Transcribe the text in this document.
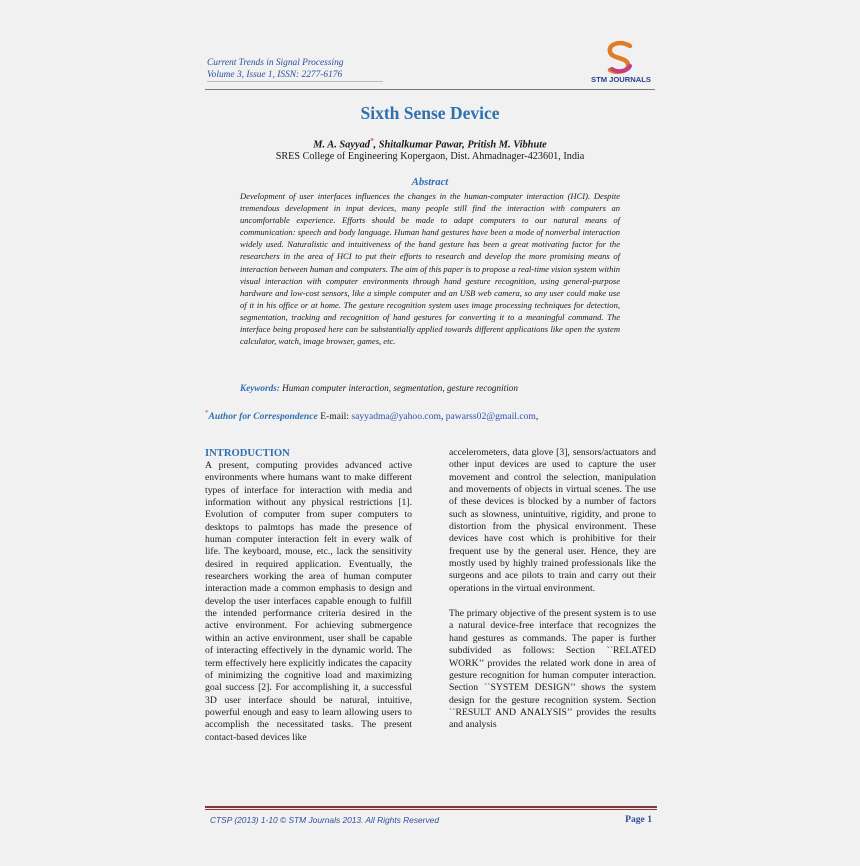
Current Trends in Signal Processing
Volume 3, Issue 1, ISSN: 2277-6176	STM JOURNALS
Sixth Sense Device
M. A. Sayyad*, Shitalkumar Pawar, Pritish M. Vibhute
SRES College of Engineering Kopergaon, Dist. Ahmadnager-423601, India
Abstract
Development of user interfaces influences the changes in the human-computer interaction (HCI). Despite tremendous development in input devices, many people still find the interaction with computers an uncomfortable experience. Efforts should be made to adapt computers to our natural means of communication: speech and body language. Human hand gestures have been a mode of nonverbal interaction widely used. Naturalistic and intuitiveness of the hand gesture has been a great motivating factor for the researchers in the area of HCI to put their efforts to research and develop the more promising means of interaction between human and computers. The aim of this paper is to propose a real-time vision system within visual interaction with computer environments through hand gesture recognition, using general-purpose hardware and low-cost sensors, like a simple computer and an USB web camera, so any user could make use of it in his office or at home. The gesture recognition system uses image processing techniques for detection, segmentation, tracking and recognition of hand gestures for converting it to a meaningful command. The interface being proposed here can be substantially applied towards different applications like open the system calculator, watch, image browser, games, etc.
Keywords: Human computer interaction, segmentation, gesture recognition
*Author for Correspondence E-mail: sayyadma@yahoo.com, pawarss02@gmail.com,
INTRODUCTION

A present, computing provides advanced active environments where humans want to make different types of interface for interaction with media and information without any physical restrictions [1]. Evolution of computer from super computers to desktops to palmtops has made the presence of human computer interaction felt in every walk of life. The keyboard, mouse, etc., lack the sensitivity desired in required application. Eventually, the researchers working the area of human computer interaction made a common emphasis to design and develop the user interfaces capable enough to fulfill the intended performance criteria desired in the active environment. For achieving submergence within an active environment, user shall be capable of interacting effectively in the dynamic world. The term effectively here explicitly indicates the capacity of minimizing the cognitive load and maximizing goal success [2]. For accomplishing it, a successful 3D user interface should be natural, intuitive, powerful enough and easy to learn allowing users to accomplish the necessitated tasks. The present contact-based devices like

accelerometers, data glove [3], sensors/actuators and other input devices are used to capture the user movement and control the selection, manipulation and movements of objects in virtual scenes. The use of these devices is blocked by a number of factors such as slowness, unintuitive, rigidity, and prone to distortion from the physical environment. These devices have cost which is prohibitive for their frequent use by the general user. Hence, they are mostly used by highly trained professionals like the surgeons and ace pilots to train and carry out their operations in the virtual environment.

The primary objective of the present system is to use a natural device-free interface that recognizes the hand gestures as commands. The paper is further subdivided as follows: Section ``RELATED WORK’’ provides the related work done in area of gesture recognition for human computer interaction. Section ``SYSTEM DESIGN’’ shows the system design for the gesture recognition system. Section ``RESULT AND ANALYSIS’’ provides the results and analysis

CTSP (2013) 1-10 © STM Journals 2013. All Rights Reserved	Page 1
